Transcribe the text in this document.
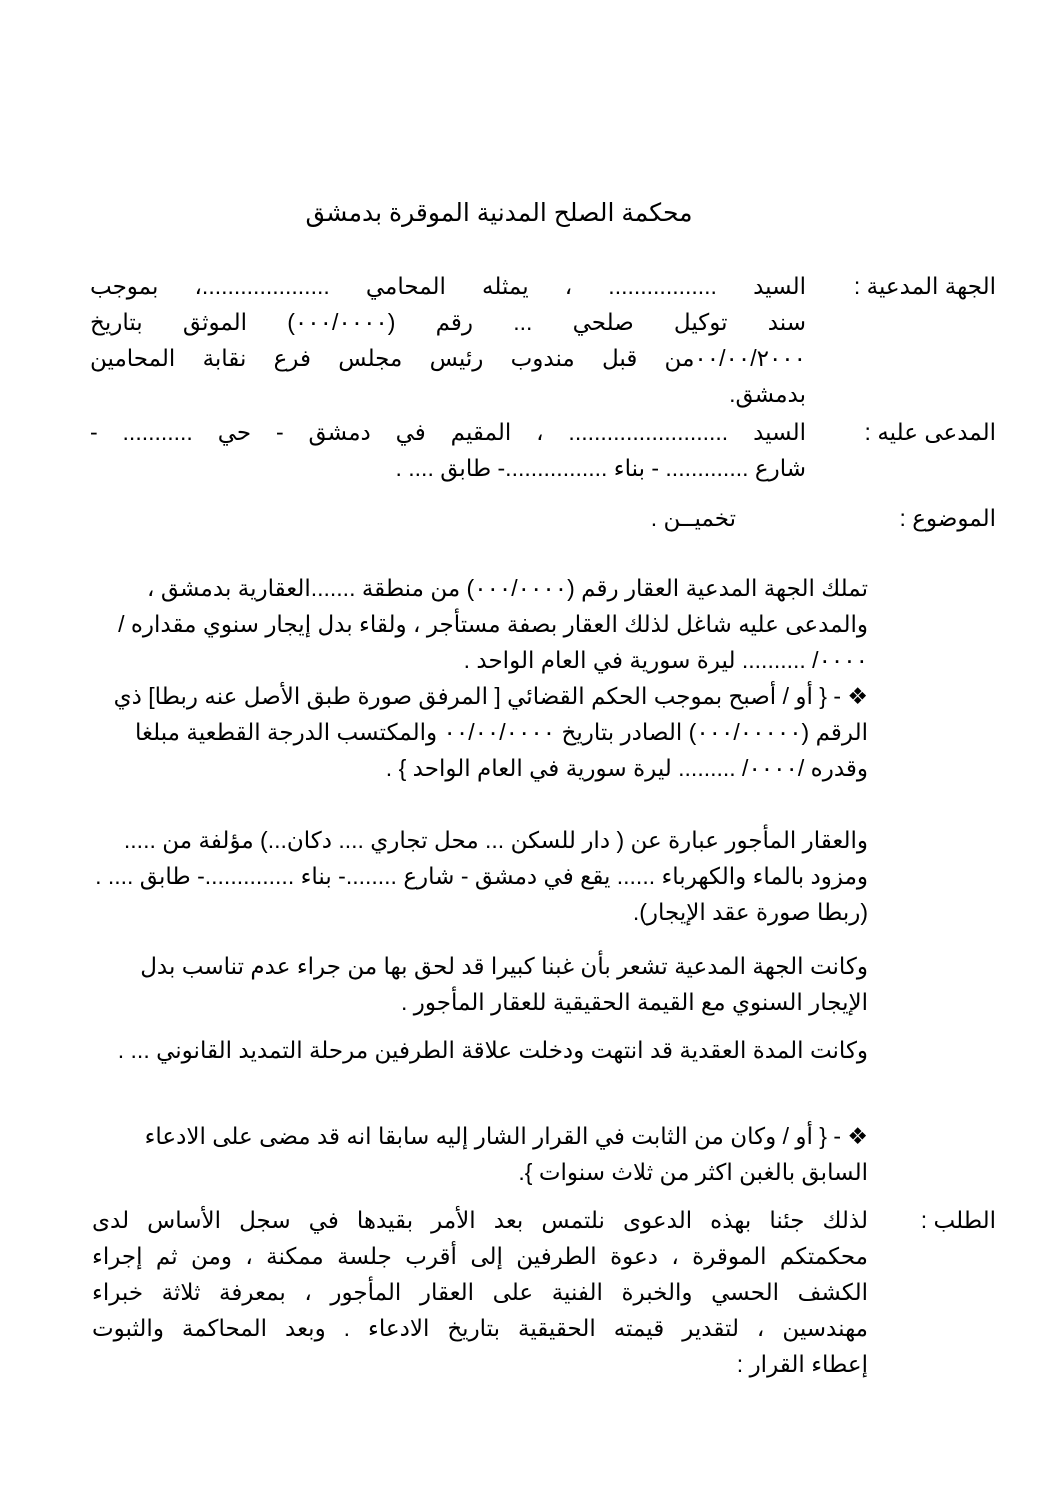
محكمة الصلح المدنية الموقرة بدمشق
الجهة المدعية :
السيد ................. ، يمثله المحامي ....................، بموجب
سند توكيل صلحي ... رقم (٠٠٠/٠٠٠٠) الموثق بتاريخ
٠٠/٠٠/٢٠٠٠من قبل مندوب رئيس مجلس فرع نقابة المحامين
بدمشق.
المدعى عليه :
السيد ......................... ، المقيم في دمشق - حي ........... -
شارع ............. - بناء ................- طابق .... .
الموضوع :
تخميــن .
تملك الجهة المدعية العقار رقم (٠٠٠/٠٠٠٠) من منطقة .......العقارية بدمشق ، والمدعى عليه شاغل لذلك العقار بصفة مستأجر ، ولقاء بدل إيجار سنوي مقداره /٠٠٠٠/ .......... ليرة سورية في العام الواحد .
❖ - { أو / أصبح بموجب الحكم القضائي [ المرفق صورة طبق الأصل عنه ربطا] ذي الرقم (٠٠٠/٠٠٠٠٠) الصادر بتاريخ ٠٠/٠٠/٠٠٠٠ والمكتسب الدرجة القطعية مبلغا وقدره /٠٠٠٠/ ......... ليرة سورية في العام الواحد } .
والعقار المأجور عبارة عن ( دار للسكن ... محل تجاري .... دكان...) مؤلفة من ..... ومزود بالماء والكهرباء ...... يقع في دمشق - شارع ........- بناء ..............- طابق .... . (ربطا صورة عقد الإيجار).
وكانت الجهة المدعية تشعر بأن غبنا كبيرا قد لحق بها من جراء عدم تناسب بدل الإيجار السنوي مع القيمة الحقيقية للعقار المأجور .
وكانت المدة العقدية قد انتهت ودخلت علاقة الطرفين مرحلة التمديد القانوني ... .
❖ - { أو / وكان من الثابت في القرار الشار إليه سابقا انه قد مضى على الادعاء السابق بالغبن اكثر من ثلاث سنوات }.
الطلب :
لذلك جئنا بهذه الدعوى نلتمس بعد الأمر بقيدها في سجل الأساس لدى
محكمتكم الموقرة ، دعوة الطرفين إلى أقرب جلسة ممكنة ، ومن ثم إجراء
الكشف الحسي والخبرة الفنية على العقار المأجور ، بمعرفة ثلاثة خبراء
مهندسين ، لتقدير قيمته الحقيقية بتاريخ الادعاء . وبعد المحاكمة والثبوت
إعطاء القرار :
